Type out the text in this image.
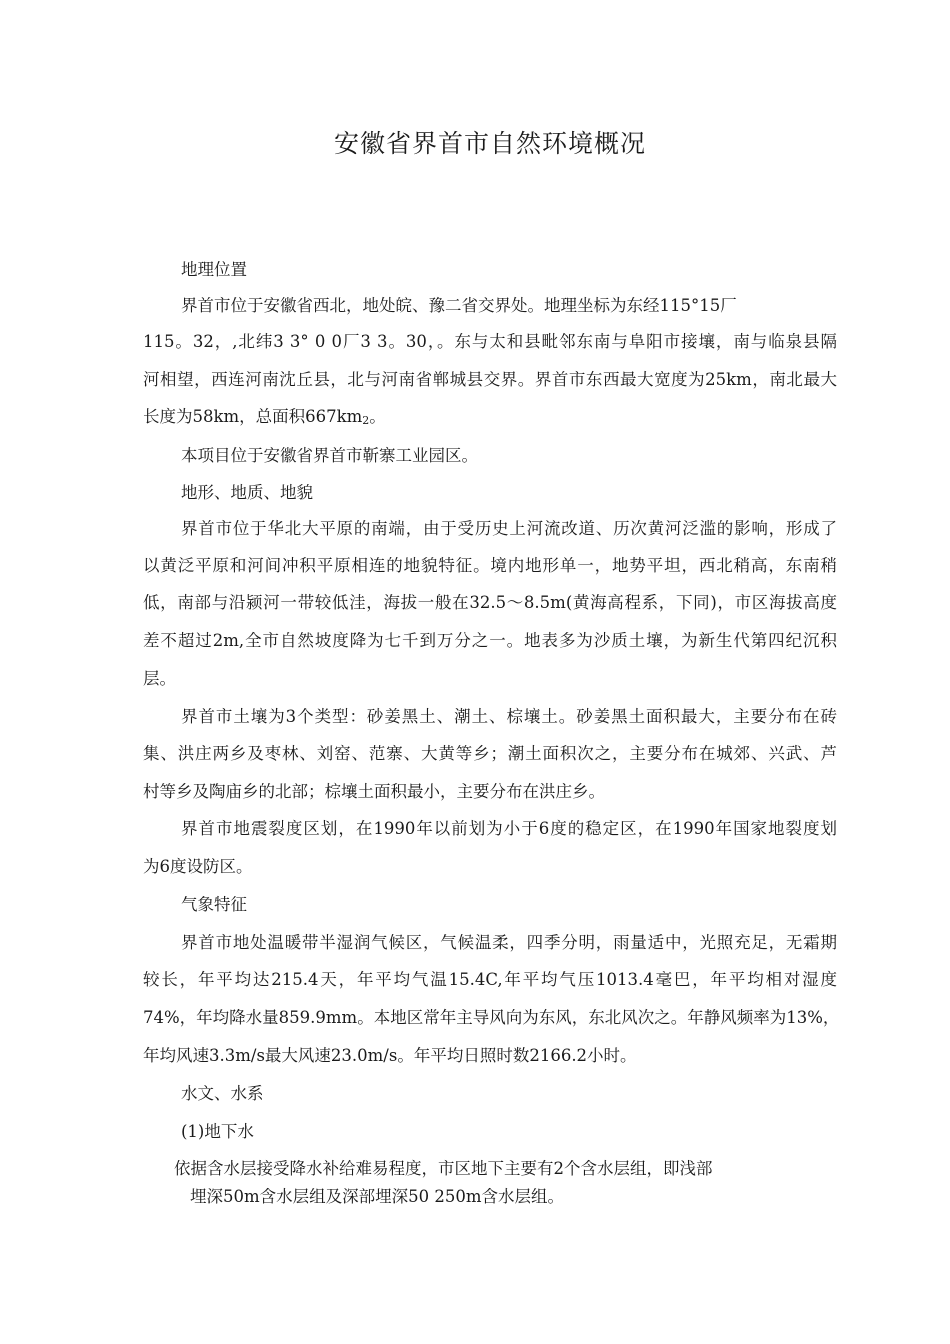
安徽省界首市自然环境概况
地理位置
界首市位于安徽省西北，地处皖、豫二省交界处。地理坐标为东经115°15厂
115。32，,北纬3 3° 0 0厂3 3。30，。东与太和县毗邻东南与阜阳市接壤，南与临泉县隔
河相望，西连河南沈丘县，北与河南省郸城县交界。界首市东西最大宽度为25km，南北最大
长度为58km，总面积667km2。
本项目位于安徽省界首市靳寨工业园区。
地形、地质、地貌
界首市位于华北大平原的南端，由于受历史上河流改道、历次黄河泛滥的影响，形成了
以黄泛平原和河间冲积平原相连的地貌特征。境内地形单一，地势平坦，西北稍高，东南稍
低，南部与沿颍河一带较低洼，海拔一般在32.5〜8.5m(黄海高程系，下同)，市区海拔高度
差不超过2m,全市自然坡度降为七千到万分之一。地表多为沙质土壤，为新生代第四纪沉积
层。
界首市土壤为3个类型：砂姜黑土、潮土、棕壤土。砂姜黑土面积最大，主要分布在砖
集、洪庄两乡及枣林、刘窑、范寨、大黄等乡；潮土面积次之，主要分布在城郊、兴武、芦
村等乡及陶庙乡的北部；棕壤土面积最小，主要分布在洪庄乡。
界首市地震裂度区划，在1990年以前划为小于6度的稳定区，在1990年国家地裂度划
为6度设防区。
气象特征
界首市地处温暖带半湿润气候区，气候温柔，四季分明，雨量适中，光照充足，无霜期
较长，年平均达215.4天，年平均气温15.4C,年平均气压1013.4毫巴，年平均相对湿度
74%，年均降水量859.9mm。本地区常年主导风向为东风，东北风次之。年静风频率为13%，
年均风速3.3m/s最大风速23.0m/s。年平均日照时数2166.2小时。
水文、水系
(1)地下水
依据含水层接受降水补给难易程度，市区地下主要有2个含水层组，即浅部
埋深50m含水层组及深部埋深50 250m含水层组。
